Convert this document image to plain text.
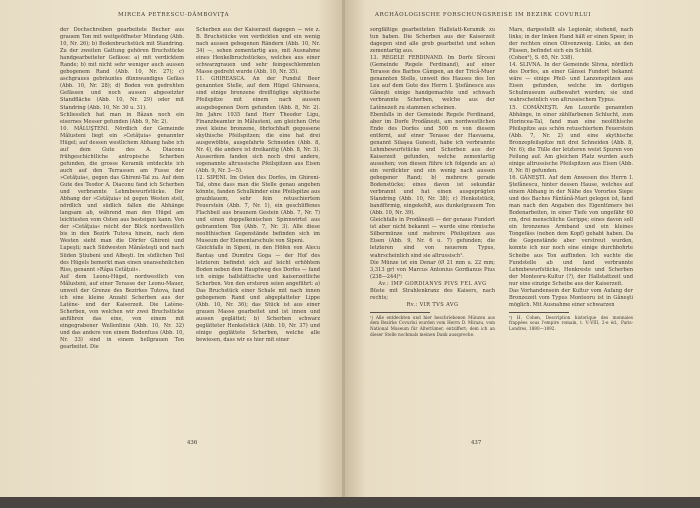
MIRCEA PETRESCU-DÂMBOVIŢA

der Dochschreiben gearbeitete Becher aus grauem Ton mit weitgeöffneter Mündung (Abb. 10, Nr. 26); b) Bodenbruchstück mit Standring. Zu der zweiten Gattung gehören Bruchstücke handgearbeiteter Gefässe: a) mit verdicktem Rande; b) mit nicht sehr weniger auch aussen gebogenem Rand (Abb. 10, Nr. 27); c) aschgraues gebräuntes dünnwandiges Gefäss (Abb. 10, Nr. 28); d) Boden von gedrehten Gefässen und noch aussen abgesetzter Standfläche (Abb. 10, Nr. 29) oder mit Standring (Abb. 10, Nr. 30 u. 31).

Schliesslich hat man in Bâzan noch ein eisernes Messer gefunden (Abb. 9, Nr. 2).

10. MĂLUŞTENI. Nördlich der Gemeinde Mălusteni liegt ein »Cetăţuia« genannter Hügel; auf dessen westlichem Abhang habe ich auf dem Gute des A. Diaconu frühgeschichtliche antropische Scherben gefunden, die grosse Keramik entdeckte ich auch auf den Terrassen am Fusse der »Cetăţuia«, gegen das Ghireni-Tal zu. Auf dem Gute des Teodor A. Diaconu fand ich Scherben und verbrannte Lehmbewurfstücke. Der Abhang der »Cetăţuia« ist gegen Westen steil, nördlich und südlich fallen die Abhänge langsam ab, während man den Hügel am leichtesten vom Osten aus besteigen kann. Von der »Cetăţuia« reicht der Blick nordwestlich bis in den Bezirk Tutova hinein, nach dem Westen sieht man die Dörfer Ghireni und Lupeşti; nach Südwesten Mănăsteşti und nach Süden Ştiubeni und Albeşti. Im südlichen Teil des Hügels bemerkt man einen unansehnlichen Riss, genannt »Râpa Cetăţuii«.

Auf dem Leonu-Hügel, nordwestlich von Mălusteni, auf einer Terasse der Leonu-Mauer, unweit der Grenze des Bezirkes Tutova, fand ich eine kleine Anzahl Scherben aus der Latène- und der Kaiserzeit. Die Latène-Scherben, von welchen wir zwei Bruchstücke anführen das eine, von einem mit eingegrabener Wellenlinie (Abb. 10, Nr. 32) und das andere von einem Bodenfuss (Abb. 10, Nr. 33) sind in einem hellgrauen Ton gearbeitet. Die

Scherben aus der Kaiserzeit dagegen — wie z. B. Bruchstücke von verdickten und ein wenig nach aussen gebogenen Rändern (Abb. 10, Nr. 34) —, sehen zementartig aus, mit Ausnahme eines Henkelbruchstückes, welches aus einer schwarzgrauen und sehr feingeschlemmten Masse gedreht wurde (Abb. 10, Nr. 35).

11. GHIREASCA. An der Fundul Beer genannten Stelle, auf dem Hügel Ghireasca, sind einige bronzene dreiflüglige skythische Pfeilspitze mit einem nach aussen ausgebogenen Dorn gefunden (Abb. 8, Nr. 2). Im Jahre 1935 fand Herr Theodor Ligu, Finanzbeamter in Mălusteni, am gleichen Orte zwei kleine bronzene, öhrlochhaft gegossene skythische Pfeilspitzen; die eine hat drei ausgewölbte, ausgefahrte Schneiden (Abb. 8, Nr. 4), die andere ist dreikantig (Abb. 8, Nr. 3). Ausserdem fanden sich noch drei andere, sogenannte altrussische Pfeilspitzen aus Eisen (Abb. 9, Nr. 3—5).

12. SIPENI. Im Osten des Dorfes, im Ghireni-Tal, ohne dass man die Stelle genau angeben könnte, fanden Schulkinder eine Pfeilspitze aus graublauem, sehr fein retuschiertem Feuerstein (Abb. 7, Nr. 1), ein geschliffenes Flachbeil aus braunem Gestein (Abb. 7, Nr. 7) und einen doppelkonischen Spinnwirtel aus gebranntem Ton (Abb. 7, Nr. 3). Alle diese neolithischen Gegenstände befinden sich im Museum der Elementarschule von Sipeni.

Gleichfalls in Sipeni, in den Höfen von Alecu Bantaș und Dumitru Goga — der Hof des letzteren befindet sich auf leicht erhöhtem Boden neben dem Hauptweg des Dorfes — fand ich einige hallstättische und kaiserzeitliche Scherben. Von den ersteren seien angeführt: a) Das Bruchstück einer Schale mit nach innen gebogenem Rand und abgeplatteter Lippe (Abb. 10, Nr. 36); das Stück ist aus einer grauen Masse gearbeitet und ist innen und aussen geglättet; b) Scherben schwarz geglätteter Henkelstück (Abb. 10, Nr. 37) und einige geglättete Scherben, welche alle bewiesen, dass wir es hier mit einer

436
ARCHÄOLOGISCHE FORSCHUNGSREISE IM BEZIRK COVURLUI

sorgfältige gearbeiteten Hallstatt-Keramik zu tun haben. Die Scherben aus der Kaiserzeit dagegen sind alle grob gearbeitet und sehen zementartig aus.

13. REGELE FERDINAND. Im Dorfe Sîrceni (Gemeinde Regele Ferdinand), auf einer Terasse des Barbos Câmpen, an der Trică-Muer genannten Stelle, unweit des Hauses des Ion Leu auf dem Gute des Herrn I. Ştefănescu aus Găneşti einige handgemachte und schwach verbrannte Scherben, welche aus der Latènezeit zu stammen scheinen.

Ebenfalls in der Gemeinde Regele Ferdinand, aber im Dorfe Prodănești, am nordwestlichen Ende des Dorfes und 500 m von diesem entfernt, auf einer Terasse der Hasvaena, genannt Silaşea Gunesti, habe ich verbrannte Lehmbewurfstücke und Scherben aus der Kaiserzeit gefunden, welche zementartig aussehen; von diesen führe ich folgende an: a) ein verdickter und ein wenig nach aussen gebogener Rand; b) mehrere gerade Bodenstücke; eines davon ist sekundär verbrannt und hat einen ausgeprägten Standring (Abb. 10, Nr. 38); c) Henkelstück, bandförmig, eingekehlt, aus dunkelgrauem Ton (Abb. 10, Nr. 39).

Gleichfalls in Prodănești — der genaue Fundort ist aber nicht bekannt — wurde eine römische Silbermünze und mehrere Pfeilspitzen aus Eisen (Abb. 9, Nr. 6 u. 7) gefunden; die letzteren sind von neuerem Typus, wahrscheinlich sind sie altrussisch¹.

Die Münze ist ein Denar (Ø 21 mm u. 22 mm; 3,313 gr) von Marcus Antonius Gordianus Pius (238—244)²:

Av.: IMP GORDIANVS PIVS FEL AVG

Büste mit Strahlenkranz des Kaisers, nach rechts;

Rv.: VIR TVS AVG

¹) Alle entdeckten und hier beschriebenen Münzen aus dem Bezirke Covurlui wurden vom Herrn D. Mirazu, vom National Museum für Altertümer, entziffert; dem ich an dieser Stelle nochmals meinen Dank ausspreche.

Mars, dargestellt als Legionär, stehend, nach links; in der linken Hand hält er einen Speer, in der rechten einen Olivenzweig. Links, an den Füssen, befindet sich ein Schild.

(Cohen²), S. 65, Nr. 338).

14. SLIVNA. In der Gemeinde Slivna, nördlich des Dorfes, an einer Gânsei Fundort bekannt wäre — einige Pfeil- und Lanzenspitzen aus Eisen gefunden, welche im dortigen Schulmuseum aufbewahrt wurden; sie sind wahrscheinlich von altrussischem Typus.

15. COMĂNEŞTI. Am Lozurile genannten Abhänge, in einer zählfarbenen Schlucht, zum Horincea-Tal, fand man eine neolithische Pfeilspitze aus schön retuschiertem Feuerstein (Abb. 7, Nr. 2) und eine skythische Bronzepfeilspitze mit drei Schneiden (Abb. 8, Nr. 6); die Tülle der letzteren weist Spuren von Feilung auf. Am gleichen Platz wurden auch einige altrussische Pfeilspitzen aus Eisen (Abb. 9, Nr. 8) gefunden.

16. GĂNEŞTI. Auf dem Anwesen des Herrn I. Ştefănescu, hinter dessen Hause, welches auf einem Abhang in der Nähe des Vorortes Siepe und des Baches Fântână-Mari gelegen ist, fand man nach den Angaben des Eigentümers bei Bodenarbeiten, in einer Tiefe von ungefähr 60 cm, drei menschliche Gerippe; eines davon soll ein bronzenes Armband und ein kleines Tongefäss (neben dem Kopf) gehabt haben. Da die Gegenstände aber verstreut wurden, konnte ich nur noch eine einige durchbohrte Scheibe aus Ton auffinden. Ich suchte die Fundstelle ab und fand verbrannte Lehmbewurfstücke, Henkreste und Scherben der Monteoru-Kultur (?), der Hallstattzeit und nur eine einzige Scheibe aus der Kaiserzeit.

Das Vorhandensein der Kultur vom Aufang der Bronzezeit vom Typus Monteoru ist in Găneşti möglich. Mit Ausnahme einer schwarzen

²) H. Cohen, Description historique des monnaies frappées sous l'empire romain, t. V.-VIII, 2-e éd., Paris-Londres, 1880—1892.

437
